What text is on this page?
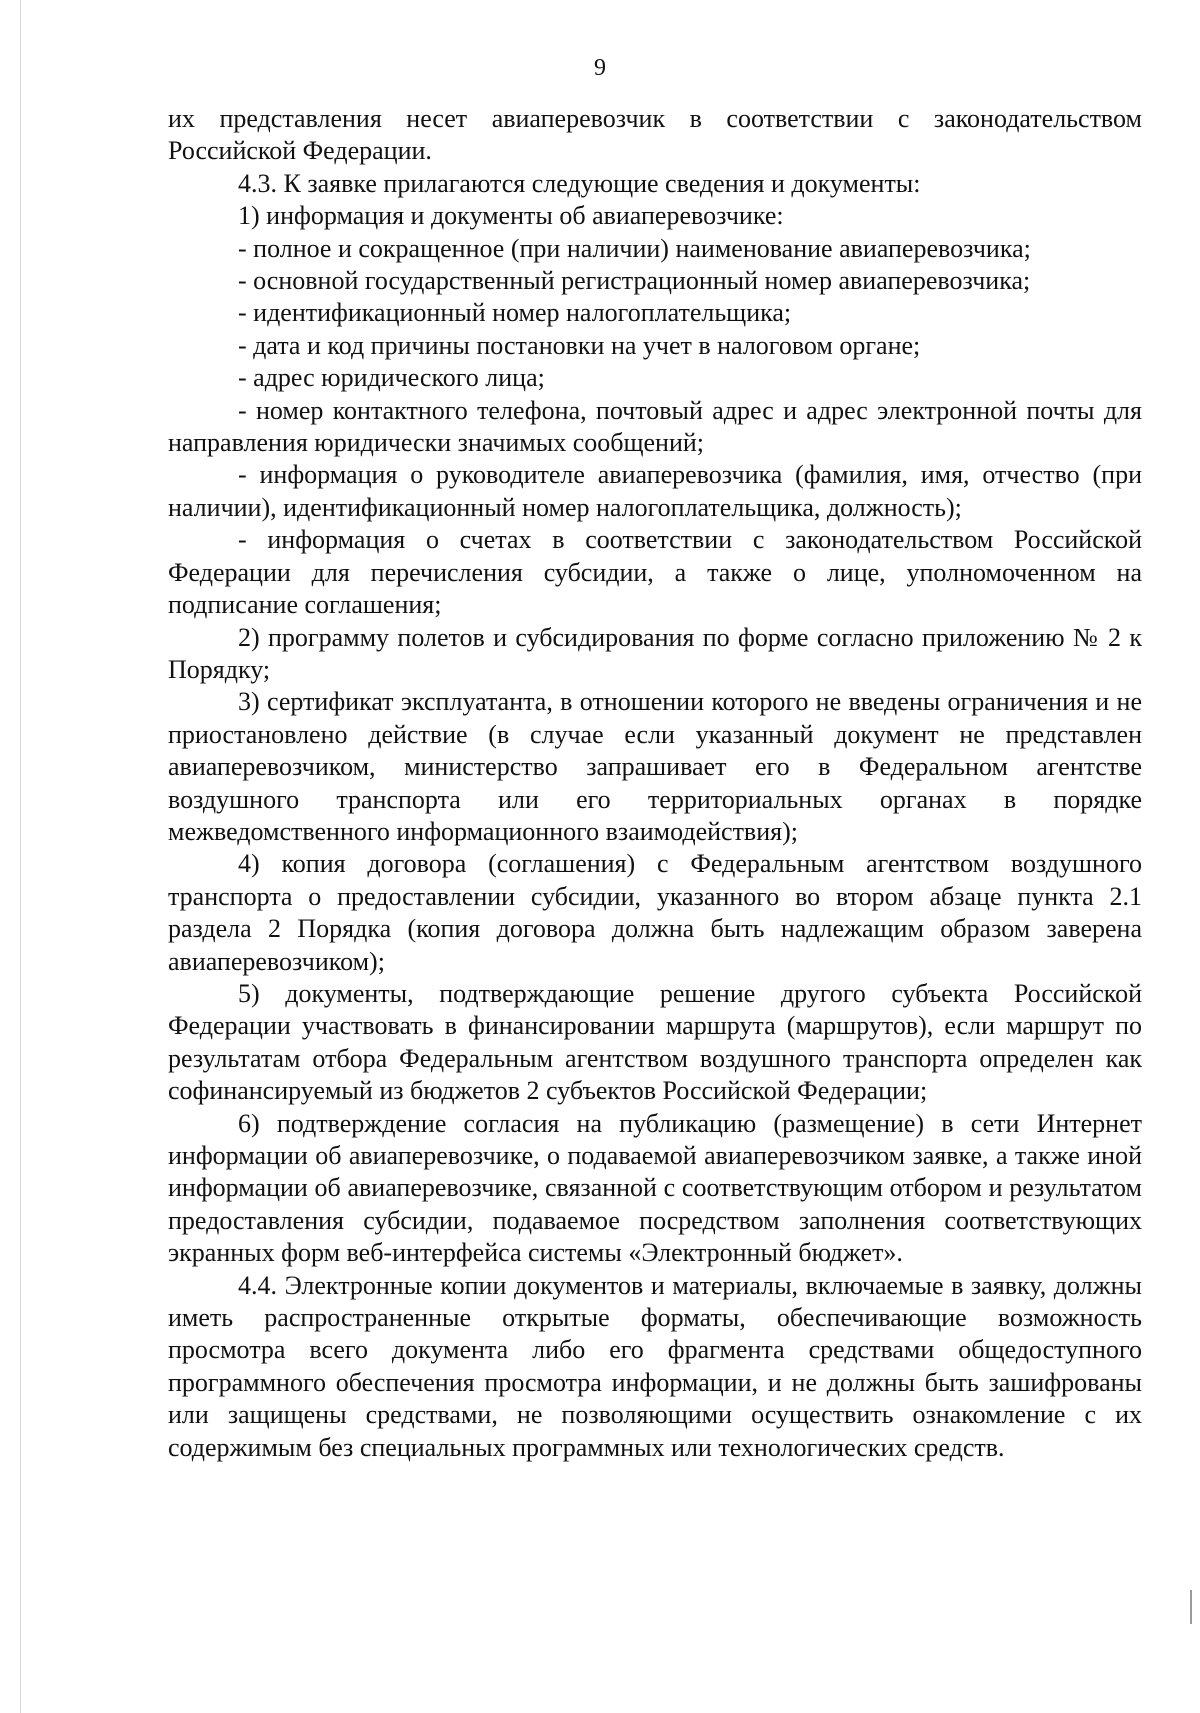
9

их представления несет авиаперевозчик в соответствии с законодательством Российской Федерации.

4.3. К заявке прилагаются следующие сведения и документы:

1) информация и документы об авиаперевозчике:

- полное и сокращенное (при наличии) наименование авиаперевозчика;

- основной государственный регистрационный номер авиаперевозчика;

- идентификационный номер налогоплательщика;

- дата и код причины постановки на учет в налоговом органе;

- адрес юридического лица;

- номер контактного телефона, почтовый адрес и адрес электронной почты для направления юридически значимых сообщений;

- информация о руководителе авиаперевозчика (фамилия, имя, отчество (при наличии), идентификационный номер налогоплательщика, должность);

- информация о счетах в соответствии с законодательством Российской Федерации для перечисления субсидии, а также о лице, уполномоченном на подписание соглашения;

2) программу полетов и субсидирования по форме согласно приложению № 2 к Порядку;

3) сертификат эксплуатанта, в отношении которого не введены ограничения и не приостановлено действие (в случае если указанный документ не представлен авиаперевозчиком, министерство запрашивает его в Федеральном агентстве воздушного транспорта или его территориальных органах в порядке межведомственного информационного взаимодействия);

4) копия договора (соглашения) с Федеральным агентством воздушного транспорта о предоставлении субсидии, указанного во втором абзаце пункта 2.1 раздела 2 Порядка (копия договора должна быть надлежащим образом заверена авиаперевозчиком);

5) документы, подтверждающие решение другого субъекта Российской Федерации участвовать в финансировании маршрута (маршрутов), если маршрут по результатам отбора Федеральным агентством воздушного транспорта определен как софинансируемый из бюджетов 2 субъектов Российской Федерации;

6) подтверждение согласия на публикацию (размещение) в сети Интернет информации об авиаперевозчике, о подаваемой авиаперевозчиком заявке, а также иной информации об авиаперевозчике, связанной с соответствующим отбором и результатом предоставления субсидии, подаваемое посредством заполнения соответствующих экранных форм веб-интерфейса системы «Электронный бюджет».

4.4. Электронные копии документов и материалы, включаемые в заявку, должны иметь распространенные открытые форматы, обеспечивающие возможность просмотра всего документа либо его фрагмента средствами общедоступного программного обеспечения просмотра информации, и не должны быть зашифрованы или защищены средствами, не позволяющими осуществить ознакомление с их содержимым без специальных программных или технологических средств.
